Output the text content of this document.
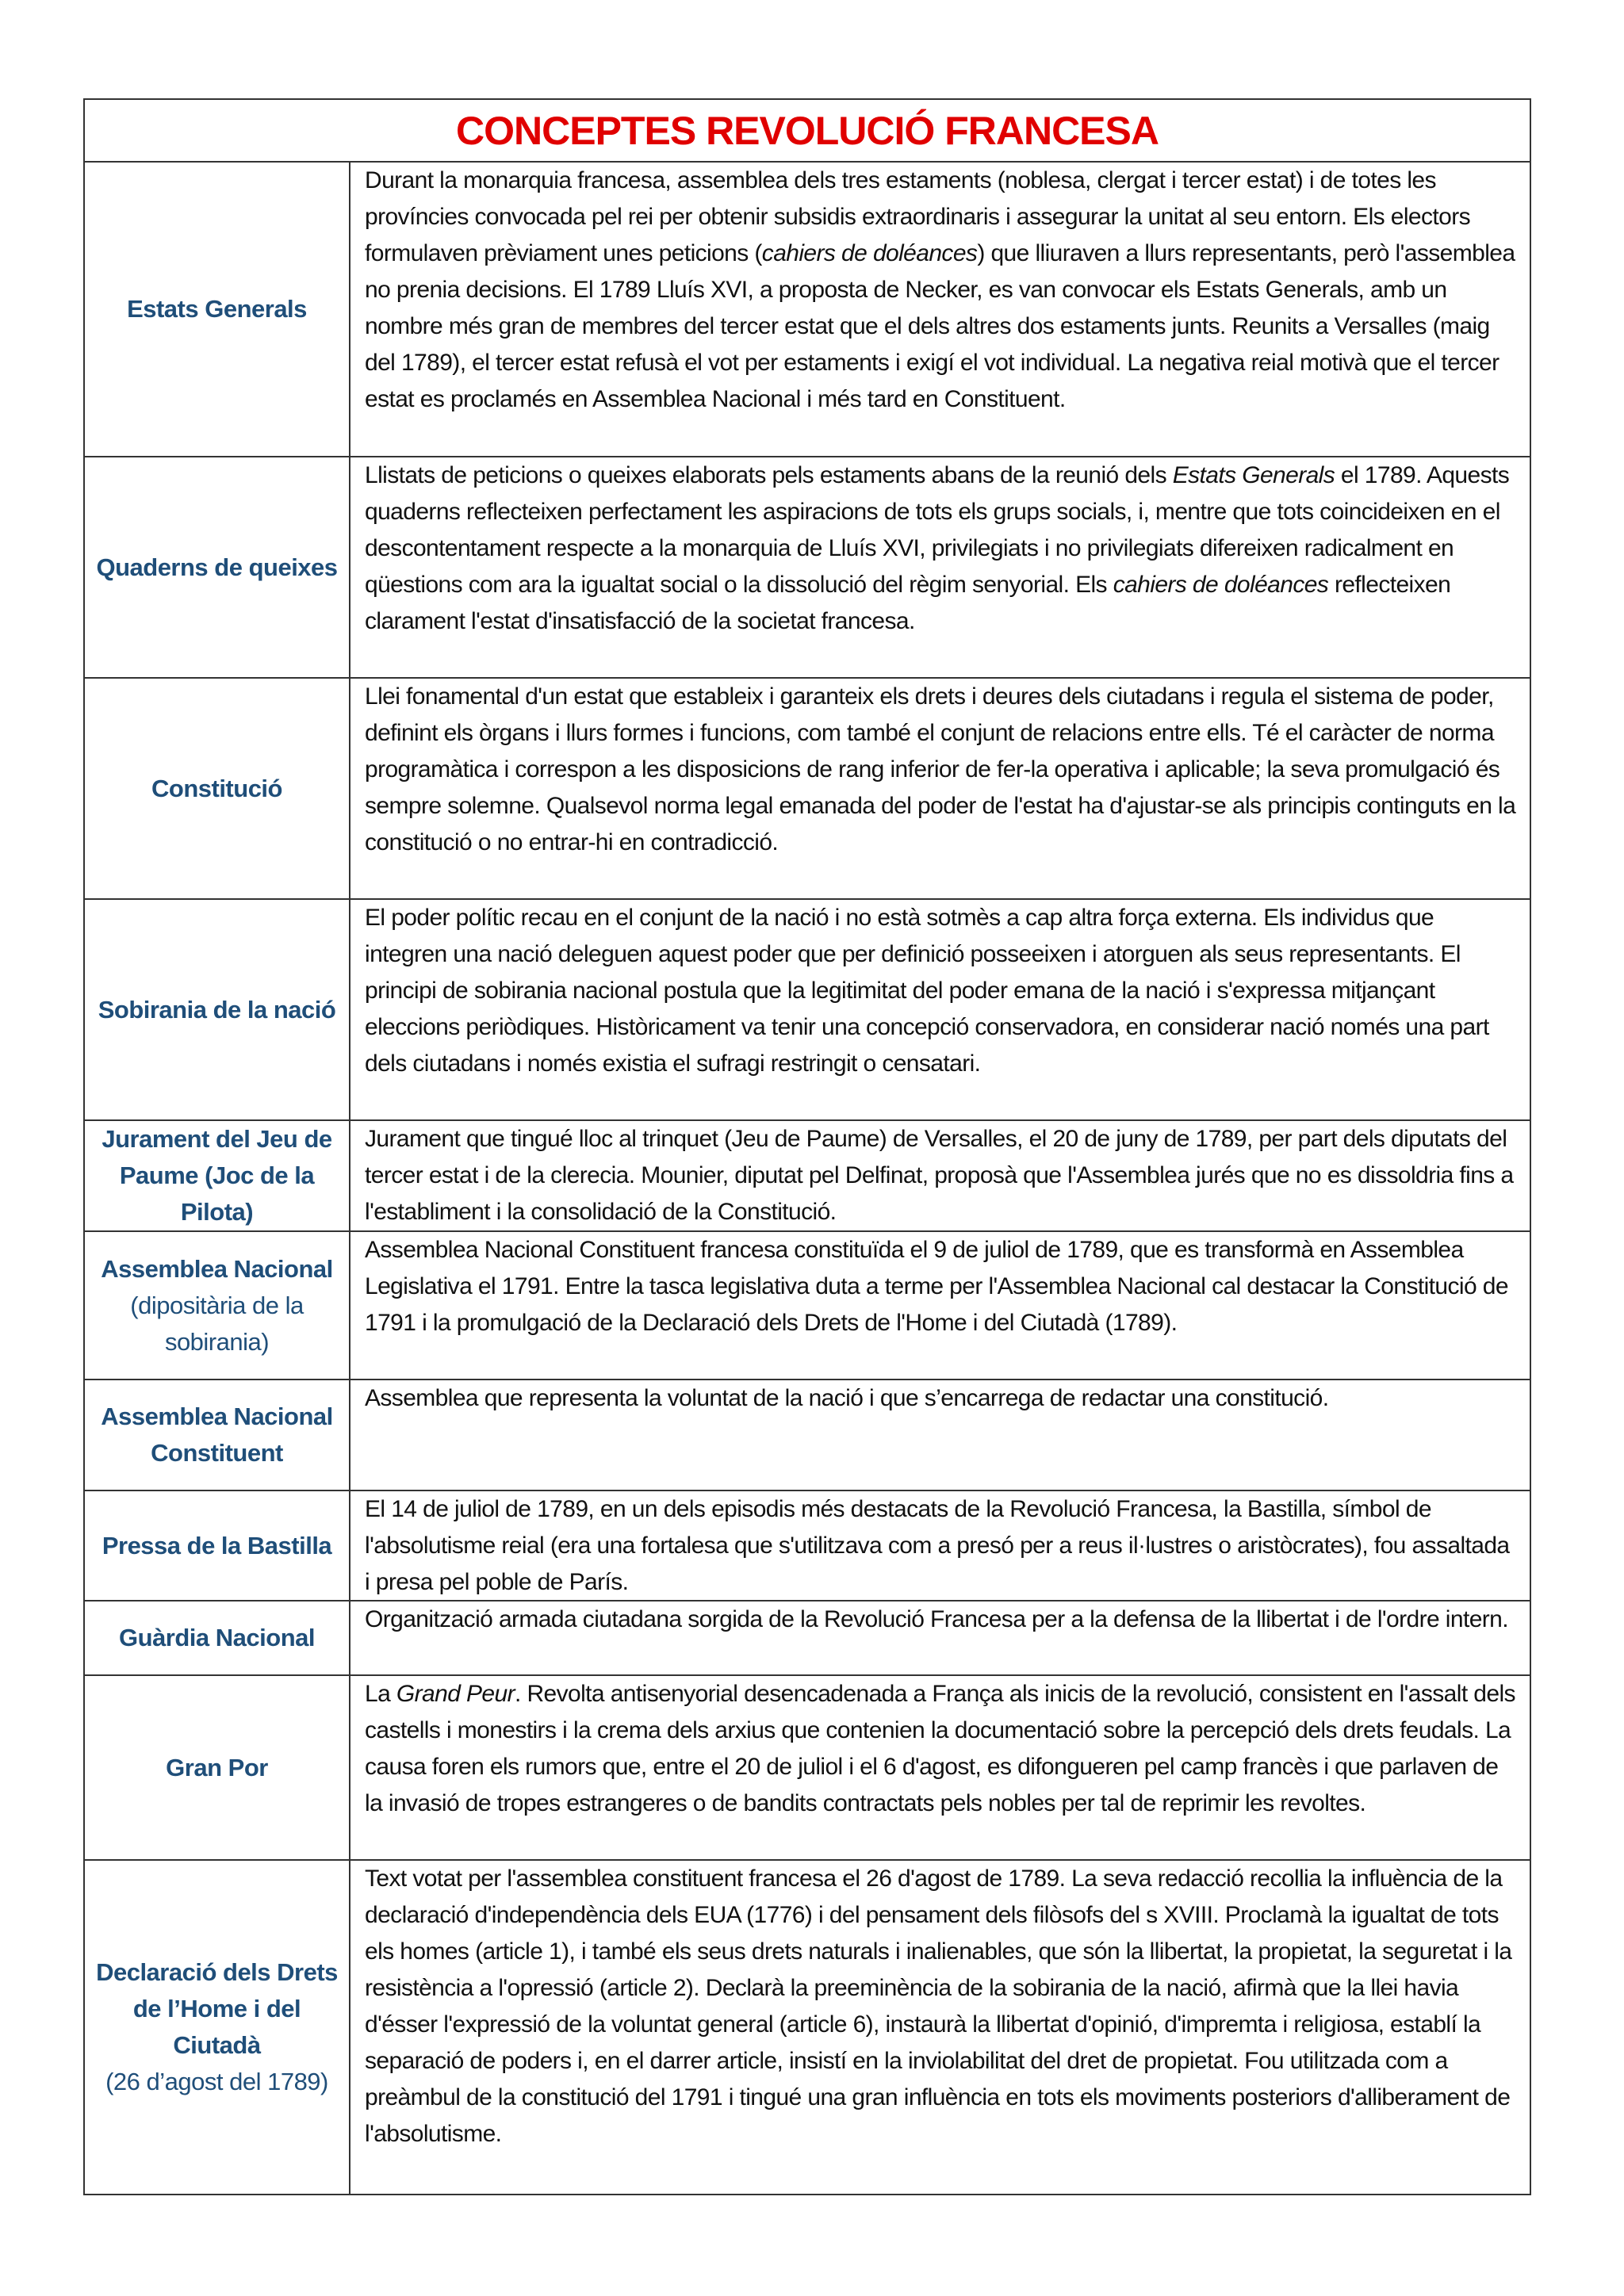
CONCEPTES REVOLUCIÓ FRANCESA
Estats Generals
Durant la monarquia francesa, assemblea dels tres estaments (noblesa, clergat i tercer estat) i de totes les províncies convocada pel rei per obtenir subsidis extraordinaris i assegurar la unitat al seu entorn. Els electors formulaven prèviament unes peticions (cahiers de doléances) que lliuraven a llurs representants, però l'assemblea no prenia decisions. El 1789 Lluís XVI, a proposta de Necker, es van convocar els Estats Generals, amb un nombre més gran de membres del tercer estat que el dels altres dos estaments junts. Reunits a Versalles (maig del 1789), el tercer estat refusà el vot per estaments i exigí el vot individual. La negativa reial motivà que el tercer estat es proclamés en Assemblea Nacional i més tard en Constituent.
Quaderns de queixes
Llistats de peticions o queixes elaborats pels estaments abans de la reunió dels Estats Generals el 1789. Aquests quaderns reflecteixen perfectament les aspiracions de tots els grups socials, i, mentre que tots coincideixen en el descontentament respecte a la monarquia de Lluís XVI, privilegiats i no privilegiats difereixen radicalment en qüestions com ara la igualtat social o la dissolució del règim senyorial. Els cahiers de doléances reflecteixen clarament l'estat d'insatisfacció de la societat francesa.
Constitució
Llei fonamental d'un estat que estableix i garanteix els drets i deures dels ciutadans i regula el sistema de poder, definint els òrgans i llurs formes i funcions, com també el conjunt de relacions entre ells. Té el caràcter de norma programàtica i correspon a les disposicions de rang inferior de fer-la operativa i aplicable; la seva promulgació és sempre solemne. Qualsevol norma legal emanada del poder de l'estat ha d'ajustar-se als principis continguts en la constitució o no entrar-hi en contradicció.
Sobirania de la nació
El poder polític recau en el conjunt de la nació i no està sotmès a cap altra força externa. Els individus que integren una nació deleguen aquest poder que per definició posseeixen i atorguen als seus representants. El principi de sobirania nacional postula que la legitimitat del poder emana de la nació i s'expressa mitjançant eleccions periòdiques. Històricament va tenir una concepció conservadora, en considerar nació només una part dels ciutadans i només existia el sufragi restringit o censatari.
Jurament del Jeu de Paume (Joc de la Pilota)
Jurament que tingué lloc al trinquet (Jeu de Paume) de Versalles, el 20 de juny de 1789, per part dels diputats del tercer estat i de la clerecia. Mounier, diputat pel Delfinat, proposà que l'Assemblea jurés que no es dissoldria fins a l'establiment i la consolidació de la Constitució.
Assemblea Nacional
(dipositària de la sobirania)
Assemblea Nacional Constituent francesa constituïda el 9 de juliol de 1789, que es transformà en Assemblea Legislativa el 1791. Entre la tasca legislativa duta a terme per l'Assemblea Nacional cal destacar la Constitució de 1791 i la promulgació de la Declaració dels Drets de l'Home i del Ciutadà (1789).
Assemblea Nacional Constituent
Assemblea que representa la voluntat de la nació i que s’encarrega de redactar una constitució.
Pressa de la Bastilla
El 14 de juliol de 1789, en un dels episodis més destacats de la Revolució Francesa, la Bastilla, símbol de l'absolutisme reial (era una fortalesa que s'utilitzava com a presó per a reus il·lustres o aristòcrates), fou assaltada i presa pel poble de París.
Guàrdia Nacional
Organització armada ciutadana sorgida de la Revolució Francesa per a la defensa de la llibertat i de l'ordre intern.
Gran Por
La Grand Peur. Revolta antisenyorial desencadenada a França als inicis de la revolució, consistent en l'assalt dels castells i monestirs i la crema dels arxius que contenien la documentació sobre la percepció dels drets feudals. La causa foren els rumors que, entre el 20 de juliol i el 6 d'agost, es difongueren pel camp francès i que parlaven de la invasió de tropes estrangeres o de bandits contractats pels nobles per tal de reprimir les revoltes.
Declaració dels Drets de l’Home i del Ciutadà
(26 d’agost del 1789)
Text votat per l'assemblea constituent francesa el 26 d'agost de 1789. La seva redacció recollia la influència de la declaració d'independència dels EUA (1776) i del pensament dels filòsofs del s XVIII. Proclamà la igualtat de tots els homes (article 1), i també els seus drets naturals i inalienables, que són la llibertat, la propietat, la seguretat i la resistència a l'opressió (article 2). Declarà la preeminència de la sobirania de la nació, afirmà que la llei havia d'ésser l'expressió de la voluntat general (article 6), instaurà la llibertat d'opinió, d'impremta i religiosa, establí la separació de poders i, en el darrer article, insistí en la inviolabilitat del dret de propietat. Fou utilitzada com a preàmbul de la constitució del 1791 i tingué una gran influència en tots els moviments posteriors d'alliberament de l'absolutisme.
